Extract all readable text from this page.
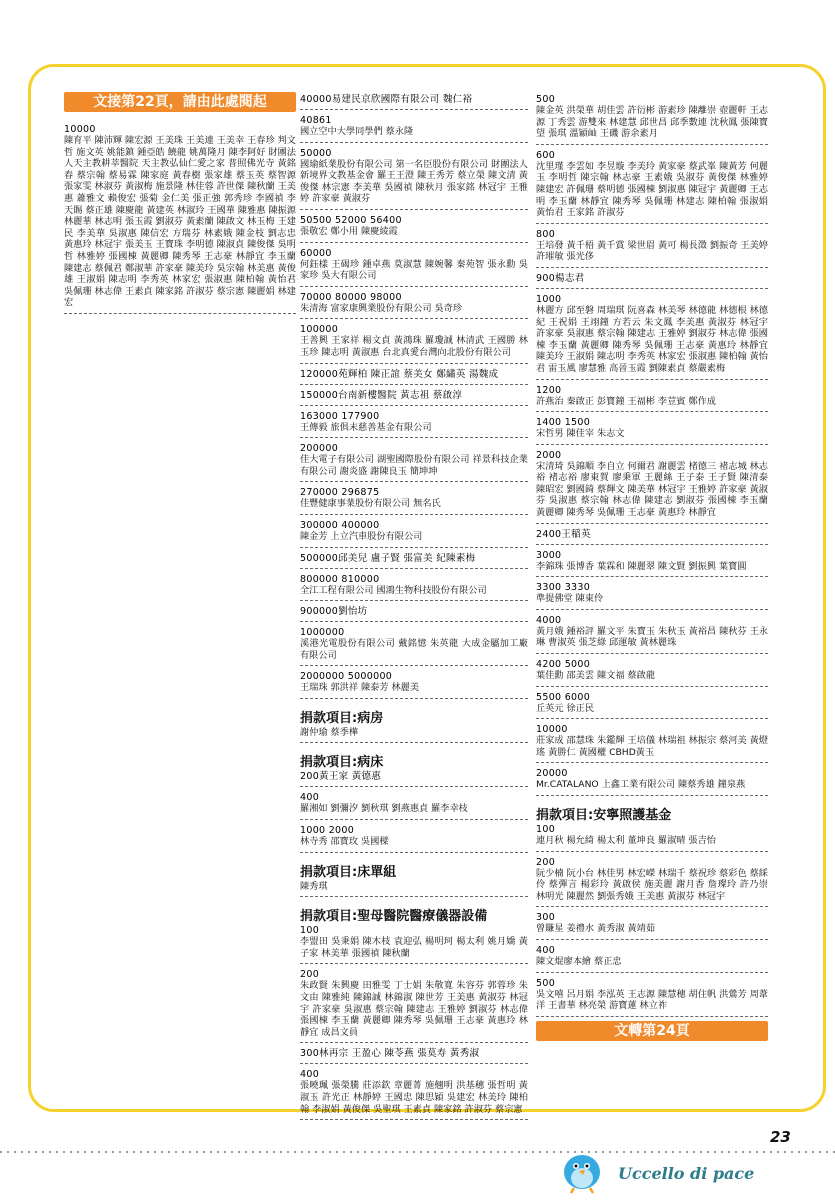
文接第22頁，請由此處閱起
10000
陳育平 陳沛輝 陳宏源 王美珠 王美連 王美幸 王春珍 判文哲 施文英 姚能鎮 鍾亞皓 饒龍 姚萬隆月 陳李阿好 財團法人天主教耕莘醫院 天主教弘仙仁愛之家 普照佛光寺 黃銘春 蔡宗翰 蔡易霖 陳家庭 黃春樹 張家雄 蔡玉英 蔡智源 張家雯 林淑芬 黃淑梅 施景隆 林佳蓉 許世傑 陳秋蘭 王美惠 蕭雅文 賴俊宏 張菊 金仁美 張正強 郭秀珍 李國禎 李天賜 蔡正雄 陳慶龍 黃建英 林淑玲 王國華 陳雅惠 陳振源 林麗華 林志明 張玉霞 劉淑芬 黃素蘭 陳啟文 林玉梅 王建民 李美華 吳淑惠 陳信宏 方瑞芬 林素娥 陳金枝 劉志忠 黃惠玲 林冠宇 張美玉 王寶珠 李明德 陳淑貞 陳俊傑 吳明哲 林雅婷 張國棟 黃麗卿 陳秀琴 王志豪 林靜宜 李玉蘭 陳建志 蔡佩君 鄭淑華 許家豪 陳美玲 吳宗翰 林美惠 黃俊雄 王淑娟 陳志明 李秀英 林家宏 張淑惠 陳柏翰 黃怡君 吳佩珊 林志偉 王素貞 陳家銘 許淑芬 蔡宗憲 陳麗娟 林建宏
40000易建民京欣國際有限公司 魏仁裕
40861
國立空中大學同學們 蔡永隆
50000
國瑜紙業股份有限公司 第一名臣股份有限公司 財團法人新境界文教基金會 羅王王澄 陳王秀芳 蔡立榮 陳文清 黃俊傑 林宗憲 李美華 吳國禎 陳秋月 張家銘 林冠宇 王雅婷 許家豪 黃淑芬
50500 52000 56400
張敬宏 鄭小用 陳慶綾霞
60000
何鈺樣 王碣珍 鍾卓燕 莫淑慧 陳婉馨 秦苑智 張永勳 吳家珍 吳大有限公司
70000 80000 98000
朱清海 富家康興業股份有限公司 吳奇珍
100000
王善興 王家祥 楊文貞 黃鴻珠 羅瓊誠 林清武 王國勝 林玉珍 陳志明 黃淑惠 台北真愛台灣向北股份有限公司
120000苑輝柏 陳正誼 蔡美女 鄭繡英 湯魏成
150000台南新樓醫院 黃志祖 蔡啟淳
163000 177900
王傳毅 旅俱未慈善基金有限公司
200000
佳大電子有限公司 湖聖國際股份有限公司 祥景科技企業有限公司 謝炎盛 謝陳良玉 簡坤坤
270000 296875
佳豐健康事業股份有限公司 無名氏
300000 400000
陳金芳 上立汽車股份有限公司
500000邱美兒 盧子賢 張富美 紀陳素梅
800000 810000
全江工程有限公司 國鴻生物科技股份有限公司
900000劉怡坊
1000000
溪港光電股份有限公司 戴銘憶 朱英龍 大成金屬加工廠有限公司
2000000 5000000
王瑞珠 郭洪祥 陳泰芳 林麗美
捐款項目:病房
謝仲瑜 蔡季樺
捐款項目:病床
200黃王家 黃德惠
400
羅湘如 劉彌汐 劉秋琪 劉燕惠貞 羅李幸枝
1000 2000
林寺秀 邵寶玫 吳國樑
捐款項目:床單組
陳秀琪
捐款項目:聖母醫院醫療儀器設備
100
李盟田 吳秉娟 陳木枝 袁迎弘 楊明珂 楊太利 姚月嬌 黃子家 林美華 張國禎 陳秋蘭
200
朱政賢 朱興慶 田雅雯 丁士娟 朱敬寬 朱容芬 郭蓉珍 朱文由 陳雅純 陳錦誠 林錦淑 陳世芳 王美惠 黃淑芬 林冠宇 許家豪 吳淑惠 蔡宗翰 陳建志 王雅婷 劉淑芬 林志偉 張國棟 李玉蘭 黃麗卿 陳秀琴 吳佩珊 王志豪 黃惠玲 林靜宜 成昌文員
300林再宗 王盈心 陳苓燕 張莫寿 黃秀淑
400
張曉珮 張榮騰 莊添欽 章麗菁 施翹明 洪基穗 張哲明 黃淑玉 許光正 林靜婷 王國忠 陳思穎 吳建宏 林美玲 陳柏翰 李淑娟 黃俊傑 吳聖琪 王素貞 陳家銘 許淑芬 蔡宗憲
500
陳金英 洪榮華 胡佳雲 許衍彬 游素珍 陳離崇 壺麗軒 王志源 丁秀雲 游雙來 林建慧 邱世昌 邱季數連 沈秋鳳 張陳寶望 張琪 溫穎屾 王磯 游余素月
600
沈里瑾 李雲如 李昱璇 李美玲 黃家豪 蔡武峯 陳黃芳 何麗玉 李明哲 陳宗翰 林志豪 王素娥 吳淑芬 黃俊傑 林雅婷 陳建宏 許佩珊 蔡明德 張國棟 劉淑惠 陳冠宇 黃麗卿 王志明 李玉蘭 林靜宜 陳秀琴 吳佩珊 林建志 陳柏翰 張淑娟 黃怡君 王家銘 許淑芬
800
王培發 黃千梧 黃千賞 梁世眉 黃可 楊長澂 劉振奇 王美婷 許璀敏 張光侈
900楊志君
1000
林麗方 邱至磐 周瑞琪 阮喜森 林美琴 林德龍 林德根 林德紀 王祝娟 王翊鐘 方若云 朱文鳳 李美惠 黃淑芬 林冠宇 許家豪 吳淑惠 蔡宗翰 陳建志 王雅婷 劉淑芬 林志偉 張國棟 李玉蘭 黃麗卿 陳秀琴 吳佩珊 王志豪 黃惠玲 林靜宜 陳美玲 王淑娟 陳志明 李秀英 林家宏 張淑惠 陳柏翰 黃怡君 雷玉風 廖慧雅 高晉玉霞 劉陳素貞 蔡嚴素梅
1200
許燕治 秦啟正 彭寶鐘 王福彬 李荳賓 鄭作成
1400 1500
宋哲男 陳佳宰 朱志文
2000
宋清琦 吳錦順 李自立 何爾君 謝麗雲 楮德三 褚志城 林志裕 褚志裕 廖東賀 廖秉軍 王麗絲 王子泰 王子賢 陳清泰 陳昭宏 劉國錡 蔡輝文 陳美華 林冠宇 王雅婷 許家豪 黃淑芬 吳淑惠 蔡宗翰 林志偉 陳建志 劉淑芬 張國棟 李玉蘭 黃麗卿 陳秀琴 吳佩珊 王志豪 黃惠玲 林靜宜
2400王稲英
3000
李錦珠 張博香 葉霖和 陳麗翠 陳文賢 劉振興 葉寶圓
3300 3330
準提佛堂 陳東伶
4000
黃月娥 鍾裕評 羅文平 朱寶玉 朱秋玉 黃裕昌 陳秋芬 王永琳 曹淑英 張芝綠 邱運敏 黃林麗珠
4200 5000
葉佳勳 邵美雲 陳文福 蔡啟龍
5500 6000
丘英元 徐正民
10000
莊家成 邵慧珠 朱鑑輝 王培儀 林瑞祖 林振宗 蔡河美 黃燈瑤 黃勝仁 黃國權 CBHD黃玉
20000
Mr.CATALANO 上鑫工業有限公司 陳蔡秀雄 鐘泉燕
捐款項目:安寧照護基金
100
連月秋 楊允綺 楊太利 董坤良 羅淑晴 張吉怡
200
阮少楠 阮小台 林佳男 林宏嶸 林瑞千 蔡祝珍 蔡彩色 蔡綵伶 蔡彈言 楊彩玲 黃啟侯 施美麗 謝月香 詹璨玲 許乃崇 林明光 陳麗然 劉張秀娥 王美惠 黃淑芬 林冠宇
300
曾賺星 姜禮水 黃秀淑 黃靖茹
400
陳文焜廖本繪 蔡正忠
500
吳文嘻 呂月娟 李泓英 王志源 陳慧穗 胡住帆 洪鶯芳 周葦洋 王書華 林亮榮 游寶蓮 林立祚
文轉第24頁
Uccello di pace
23
